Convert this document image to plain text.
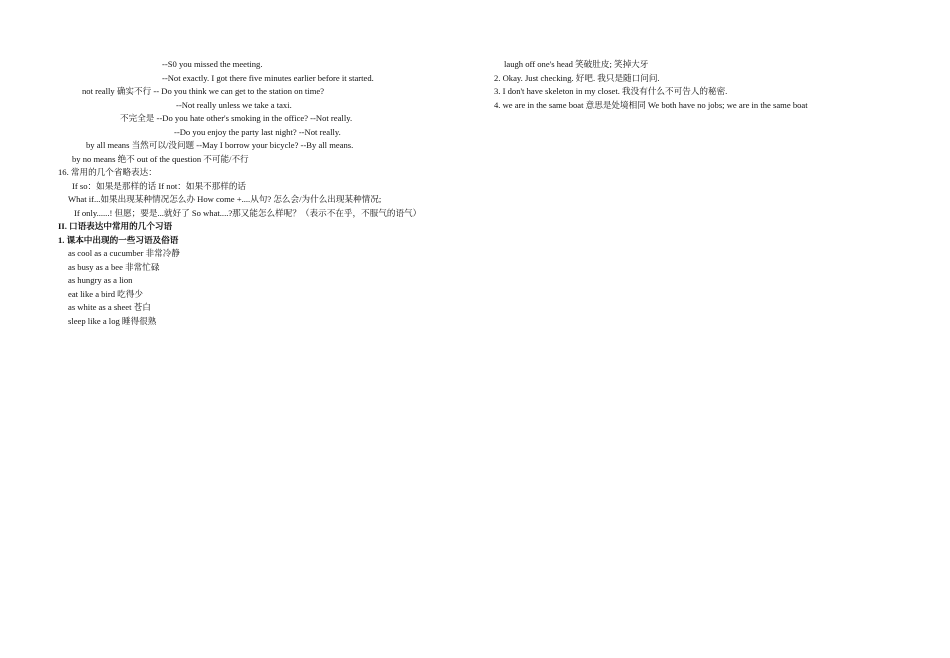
--S0 you missed the meeting.
--Not exactly. I got there five minutes earlier before it started.
not really 确实不行 -- Do you think we can get to the station on time?
--Not really unless we take a taxi.
不完全是 --Do you hate other's smoking in the office? --Not really.
--Do you enjoy the party last night? --Not really.
by all means 当然可以/没问题 --May I borrow your bicycle? --By all means.
by no means 绝不 out of the question 不可能/不行
16. 常用的几个省略表达：
If so：如果是那样的话 If not：如果不那样的话
What if...如果出现某种情况怎么办 How come +....从句? 怎么会/为什么出现某种情况;
If only......! 但愿；要是...就好了 So what....?那又能怎么样呢？（表示不在乎，不服气的语气）
II. 口语表达中常用的几个习语
1. 课本中出现的一些习语及俗语
as cool as a cucumber 非常冷静
as busy as a bee 非常忙碌
as hungry as a lion
eat like a bird 吃得少
as white as a sheet 苍白
sleep like a log 睡得很熟
laugh off one's head 笑破肚皮; 笑掉大牙
2. Okay. Just checking. 好吧. 我只是随口问问.
3. I don't have skeleton in my closet. 我没有什么不可告人的秘密.
4. we are in the same boat 意思是处境相同 We both have no jobs; we are in the same boat
